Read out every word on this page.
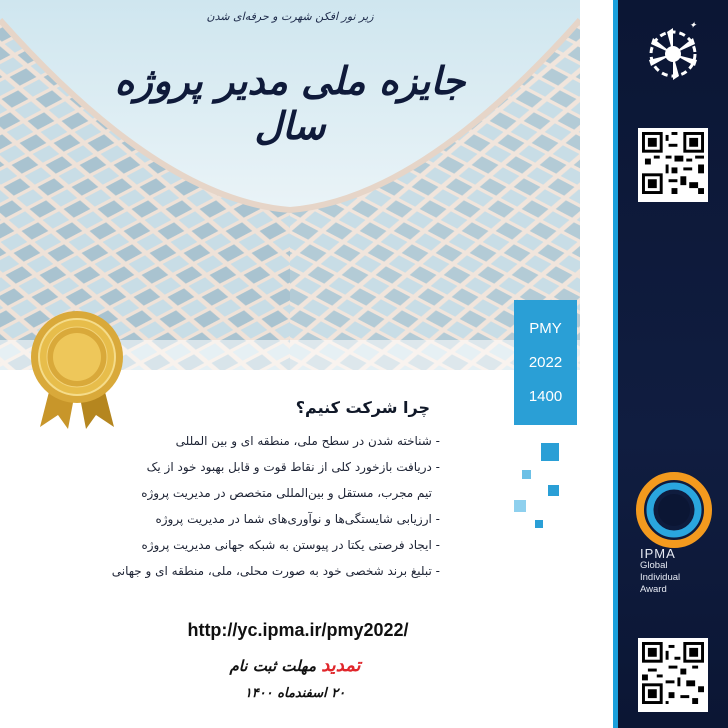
زیر نور افکن شهرت و حرفه‌ای شدن
جایزه ملی مدیر پروژه سال
✦
IPMA
Global
Individual
Award
PMY
2022
1400
چرا شرکت کنیم؟
- شناخته شدن در سطح ملی، منطقه ای و بین المللی
- دریافت بازخورد کلی از نقاط قوت و قابل بهبود خود از یک
تیم مجرب، مستقل و بین‌المللی متخصص در مدیریت پروژه
- ارزیابی شایستگی‌ها و نوآوری‌های شما در مدیریت پروژه
- ایجاد فرصتی یکتا در پیوستن به شبکه جهانی مدیریت پروژه
- تبلیغ برند شخصی خود به صورت محلی، ملی، منطقه ای و جهانی
http://yc.ipma.ir/pmy2022/
تمدید مهلت ثبت نام
۲۰ اسفندماه ۱۴۰۰
